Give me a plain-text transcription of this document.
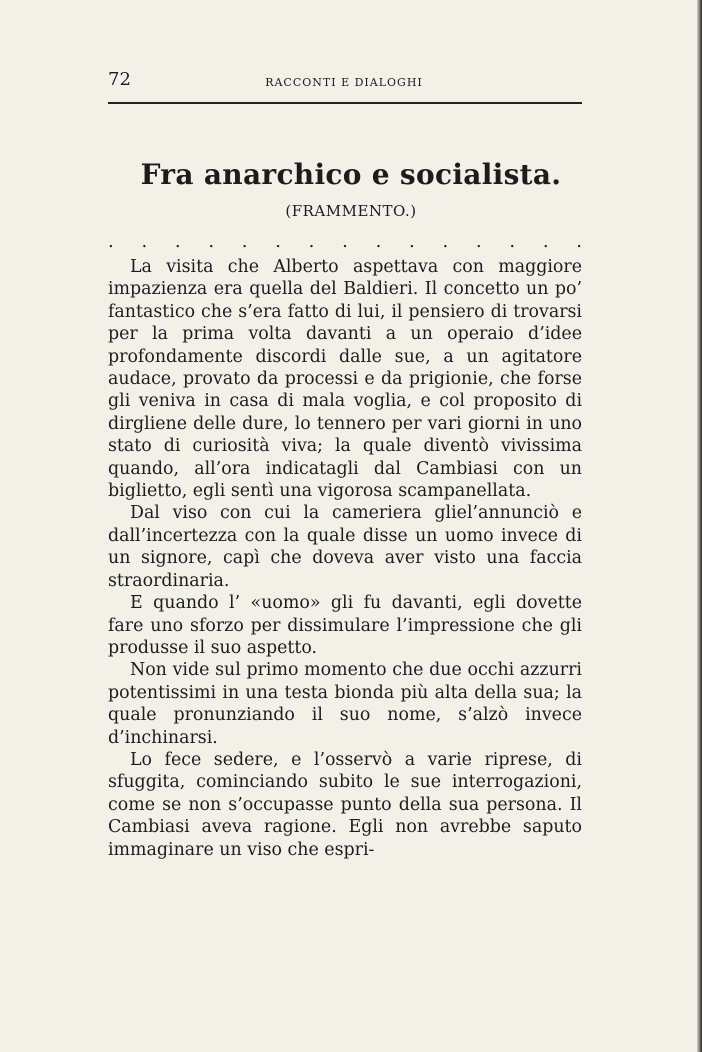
72	RACCONTI E DIALOGHI
Fra anarchico e socialista.
(FRAMMENTO.)
. . . . . . . . . . . . . . .

La visita che Alberto aspettava con maggiore impazienza era quella del Baldieri. Il concetto un po’ fantastico che s’era fatto di lui, il pensiero di trovarsi per la prima volta davanti a un operaio d’idee profondamente discordi dalle sue, a un agitatore audace, provato da processi e da prigionie, che forse gli veniva in casa di mala voglia, e col proposito di dirgliene delle dure, lo tennero per vari giorni in uno stato di curiosità viva; la quale diventò vivissima quando, all’ora indicatagli dal Cambiasi con un biglietto, egli sentì una vigorosa scampanellata.

Dal viso con cui la cameriera gliel’annunciò e dall’incertezza con la quale disse un uomo invece di un signore, capì che doveva aver visto una faccia straordinaria.

E quando l’ «uomo» gli fu davanti, egli dovette fare uno sforzo per dissimulare l’impressione che gli produsse il suo aspetto.

Non vide sul primo momento che due occhi azzurri potentissimi in una testa bionda più alta della sua; la quale pronunziando il suo nome, s’alzò invece d’inchinarsi.

Lo fece sedere, e l’osservò a varie riprese, di sfuggita, cominciando subito le sue interrogazioni, come se non s’occupasse punto della sua persona. Il Cambiasi aveva ragione. Egli non avrebbe saputo immaginare un viso che espri-
